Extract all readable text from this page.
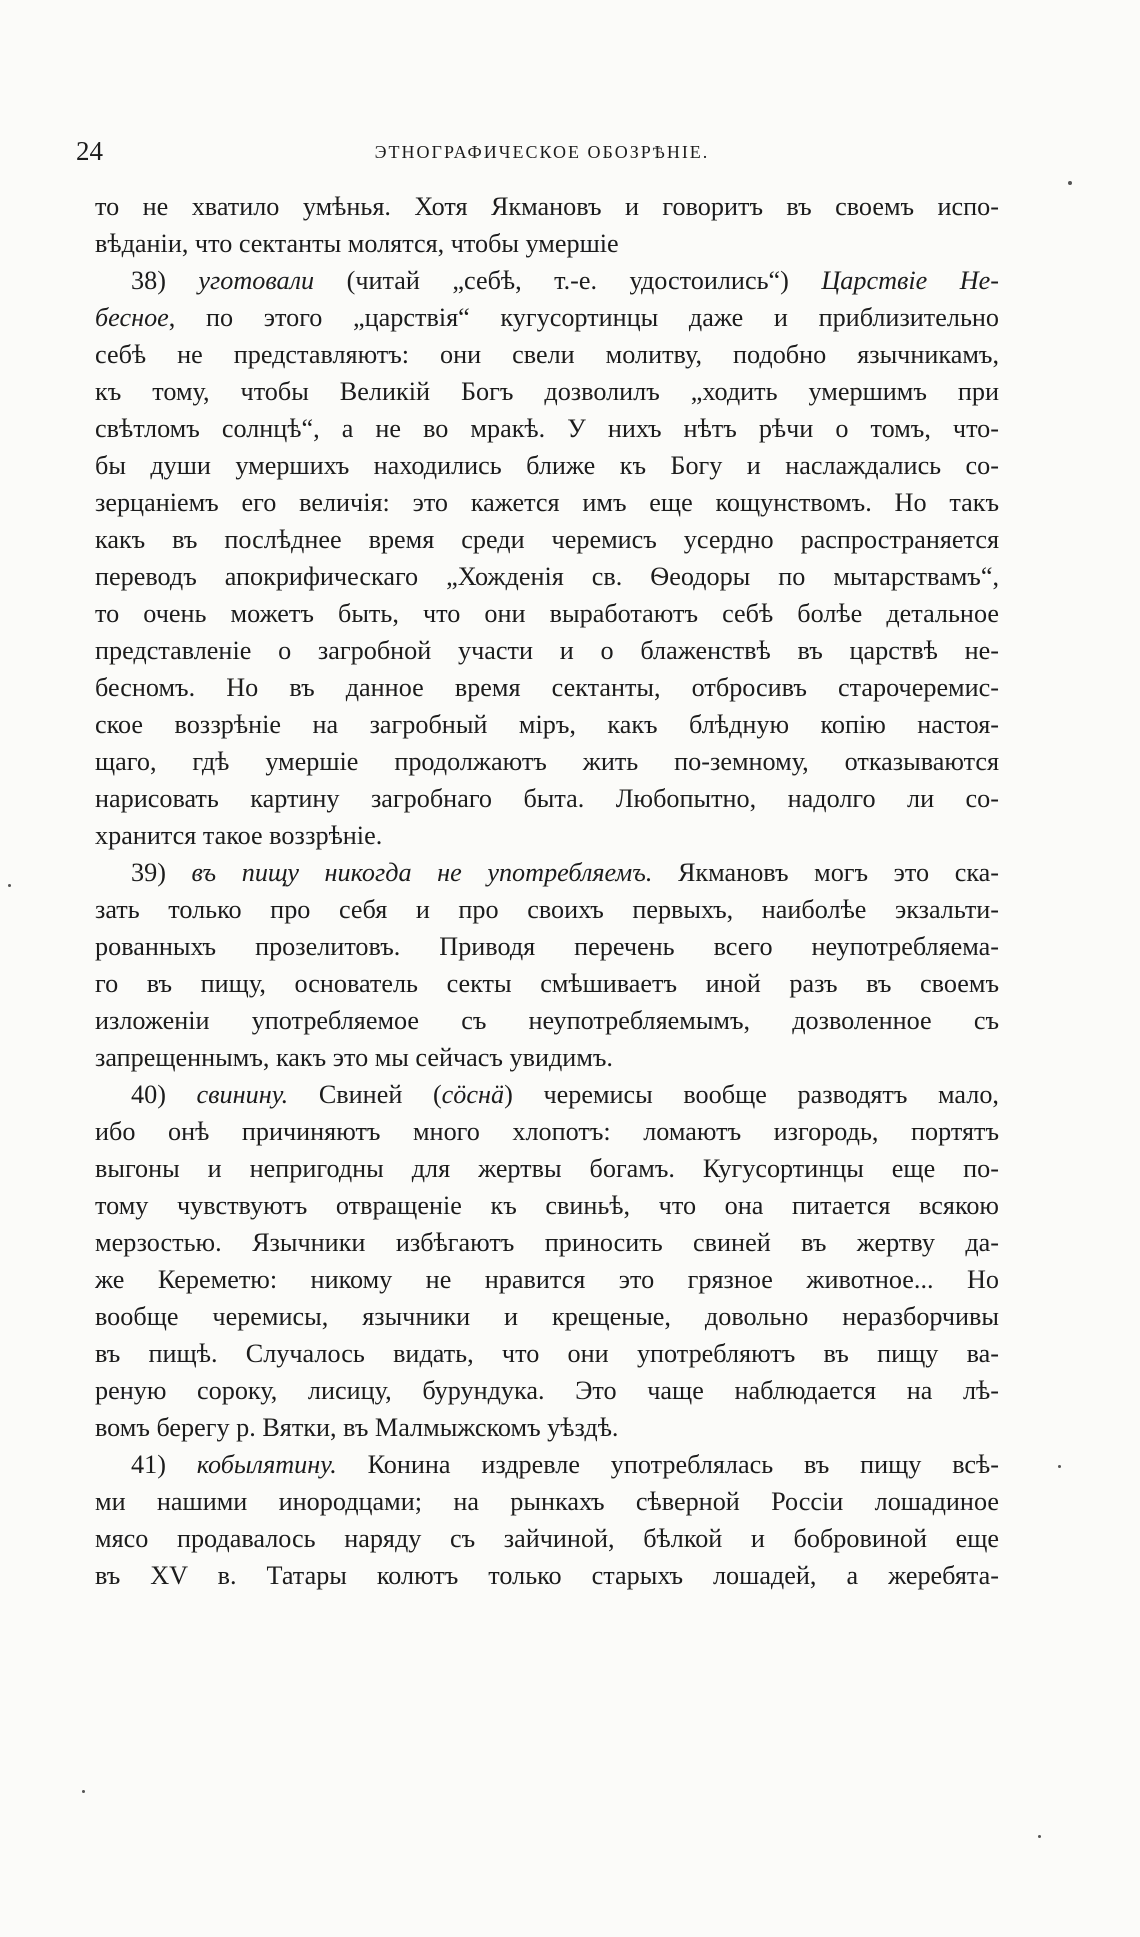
24	ЭТНОГРАФИЧЕСКОЕ ОБОЗРѢНІЕ.

то не хватило умѣнья. Хотя Якмановъ и говоритъ въ своемъ испо-
вѣданіи, что сектанты молятся, чтобы умершіе

38) уготовали (читай „себѣ, т.-е. удостоились“) Царствіе Не-
бесное, по этого „царствія“ кугусортинцы даже и приблизительно
себѣ не представляютъ: они свели молитву, подобно язычникамъ,
къ тому, чтобы Великій Богъ дозволилъ „ходить умершимъ при
свѣтломъ солнцѣ“, а не во мракѣ. У нихъ нѣтъ рѣчи о томъ, что-
бы души умершихъ находились ближе къ Богу и наслаждались со-
зерцаніемъ его величія: это кажется имъ еще кощунствомъ. Но такъ
какъ въ послѣднее время среди черемисъ усердно распространяется
переводъ апокрифическаго „Хожденія св. Ѳеодоры по мытарствамъ“,
то очень можетъ быть, что они выработаютъ себѣ болѣе детальное
представленіе о загробной участи и о блаженствѣ въ царствѣ не-
бесномъ. Но въ данное время сектанты, отбросивъ старочеремис-
ское воззрѣніе на загробный міръ, какъ блѣдную копію настоя-
щаго, гдѣ умершіе продолжаютъ жить по-земному, отказываются
нарисовать картину загробнаго быта. Любопытно, надолго ли со-
хранится такое воззрѣніе.

39) въ пищу никогда не употребляемъ. Якмановъ могъ это ска-
зать только про себя и про своихъ первыхъ, наиболѣе экзальти-
рованныхъ прозелитовъ. Приводя перечень всего неупотребляема-
го въ пищу, основатель секты смѣшиваетъ иной разъ въ своемъ
изложеніи употребляемое съ неупотребляемымъ, дозволенное съ
запрещеннымъ, какъ это мы сейчасъ увидимъ.

40) свинину. Свиней (сӧснä) черемисы вообще разводятъ мало,
ибо онѣ причиняютъ много хлопотъ: ломаютъ изгородь, портятъ
выгоны и непригодны для жертвы богамъ. Кугусортинцы еще по-
тому чувствуютъ отвращеніе къ свиньѣ, что она питается всякою
мерзостью. Язычники избѣгаютъ приносить свиней въ жертву да-
же Кереметю: никому не нравится это грязное животное... Но
вообще черемисы, язычники и крещеные, довольно неразборчивы
въ пищѣ. Случалось видать, что они употребляютъ въ пищу ва-
реную сороку, лисицу, бурундука. Это чаще наблюдается на лѣ-
вомъ берегу р. Вятки, въ Малмыжскомъ уѣздѣ.

41) кобылятину. Конина издревле употреблялась въ пищу всѣ-
ми нашими инородцами; на рынкахъ сѣверной Россіи лошадиное
мясо продавалось наряду съ зайчиной, бѣлкой и бобровиной еще
въ XV в. Татары колютъ только старыхъ лошадей, а жеребята-
